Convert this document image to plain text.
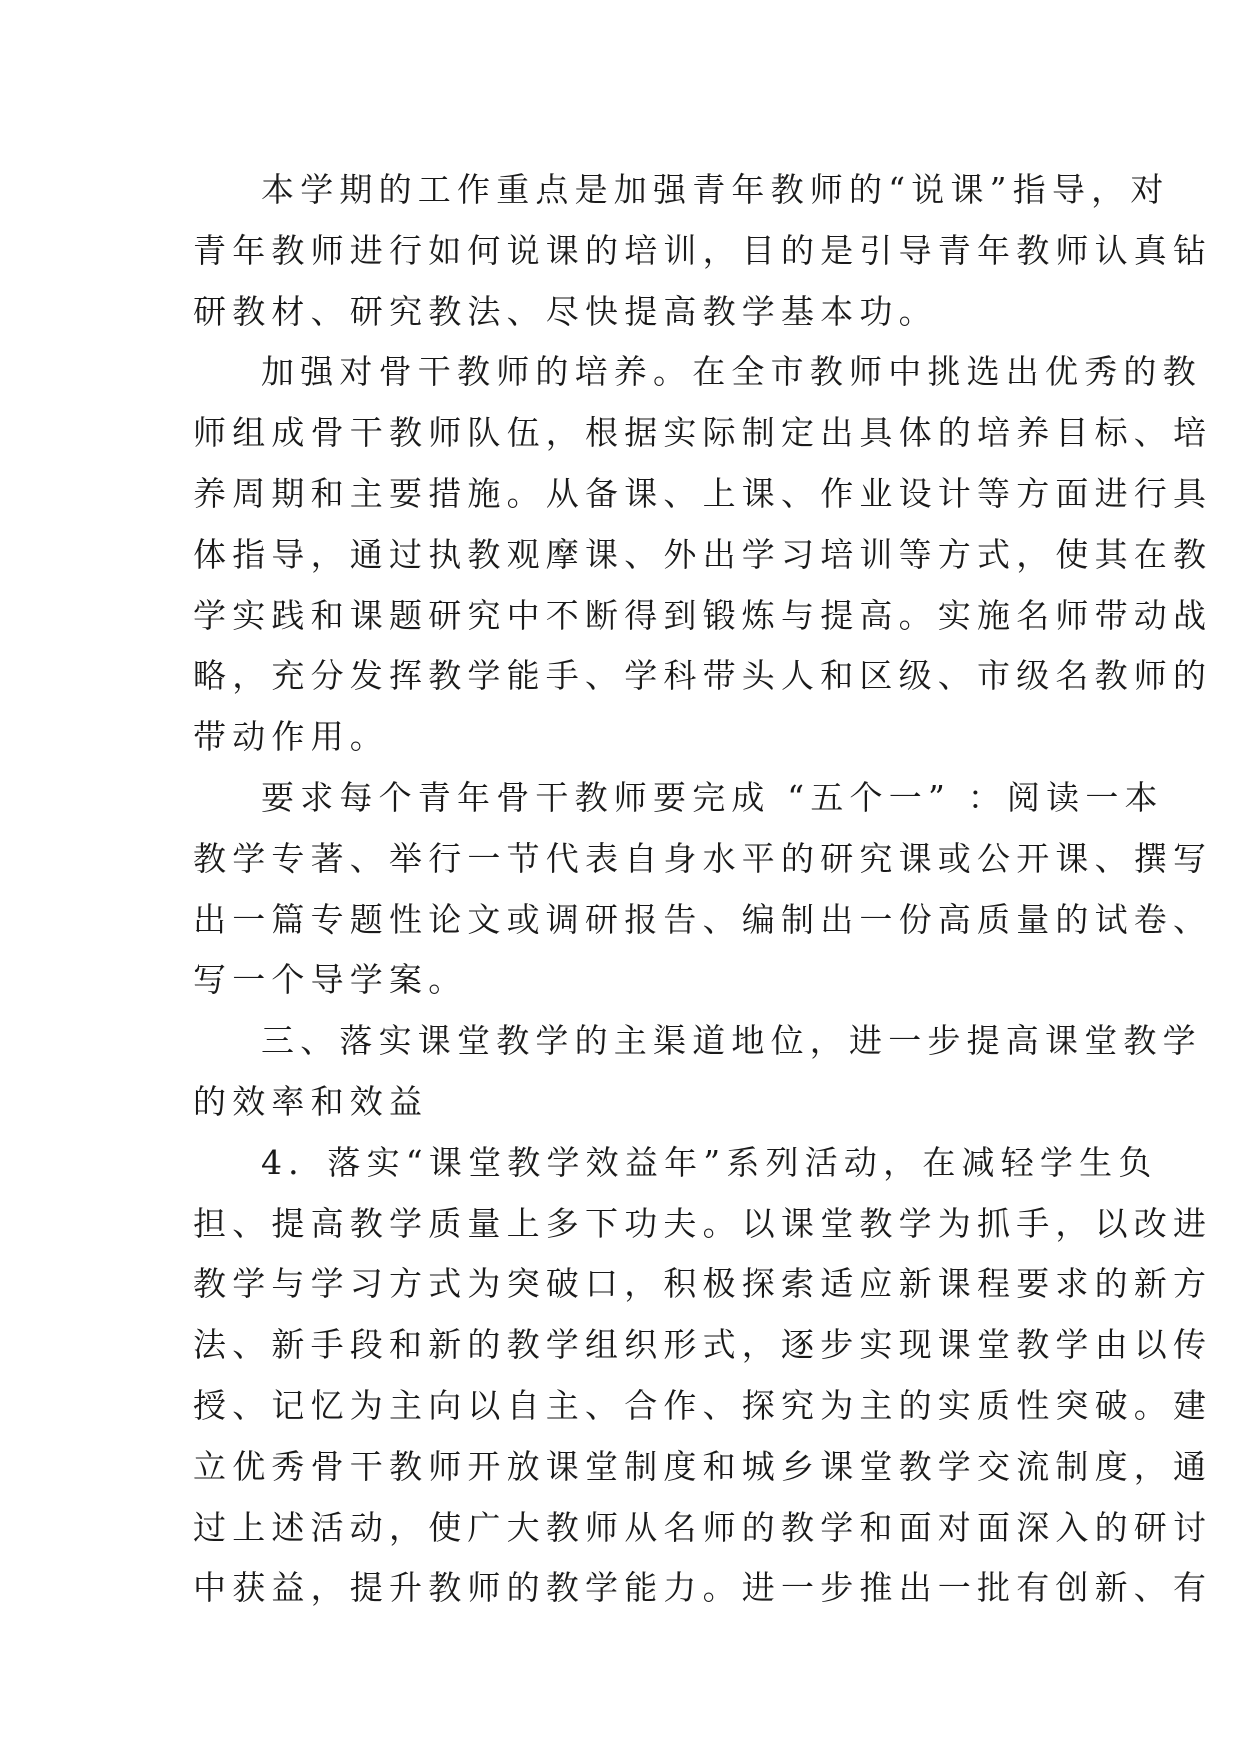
本学期的工作重点是加强青年教师的“说课”指导，对
青年教师进行如何说课的培训，目的是引导青年教师认真钻
研教材、研究教法、尽快提高教学基本功。
加强对骨干教师的培养。在全市教师中挑选出优秀的教
师组成骨干教师队伍，根据实际制定出具体的培养目标、培
养周期和主要措施。从备课、上课、作业设计等方面进行具
体指导，通过执教观摩课、外出学习培训等方式，使其在教
学实践和课题研究中不断得到锻炼与提高。实施名师带动战
略，充分发挥教学能手、学科带头人和区级、市级名教师的
带动作用。
要求每个青年骨干教师要完成 “五个一” ：阅读一本
教学专著、举行一节代表自身水平的研究课或公开课、撰写
出一篇专题性论文或调研报告、编制出一份高质量的试卷、
写一个导学案。
三、落实课堂教学的主渠道地位，进一步提高课堂教学
的效率和效益
4．落实“课堂教学效益年”系列活动，在减轻学生负
担、提高教学质量上多下功夫。以课堂教学为抓手，以改进
教学与学习方式为突破口，积极探索适应新课程要求的新方
法、新手段和新的教学组织形式，逐步实现课堂教学由以传
授、记忆为主向以自主、合作、探究为主的实质性突破。建
立优秀骨干教师开放课堂制度和城乡课堂教学交流制度，通
过上述活动，使广大教师从名师的教学和面对面深入的研讨
中获益，提升教师的教学能力。进一步推出一批有创新、有
